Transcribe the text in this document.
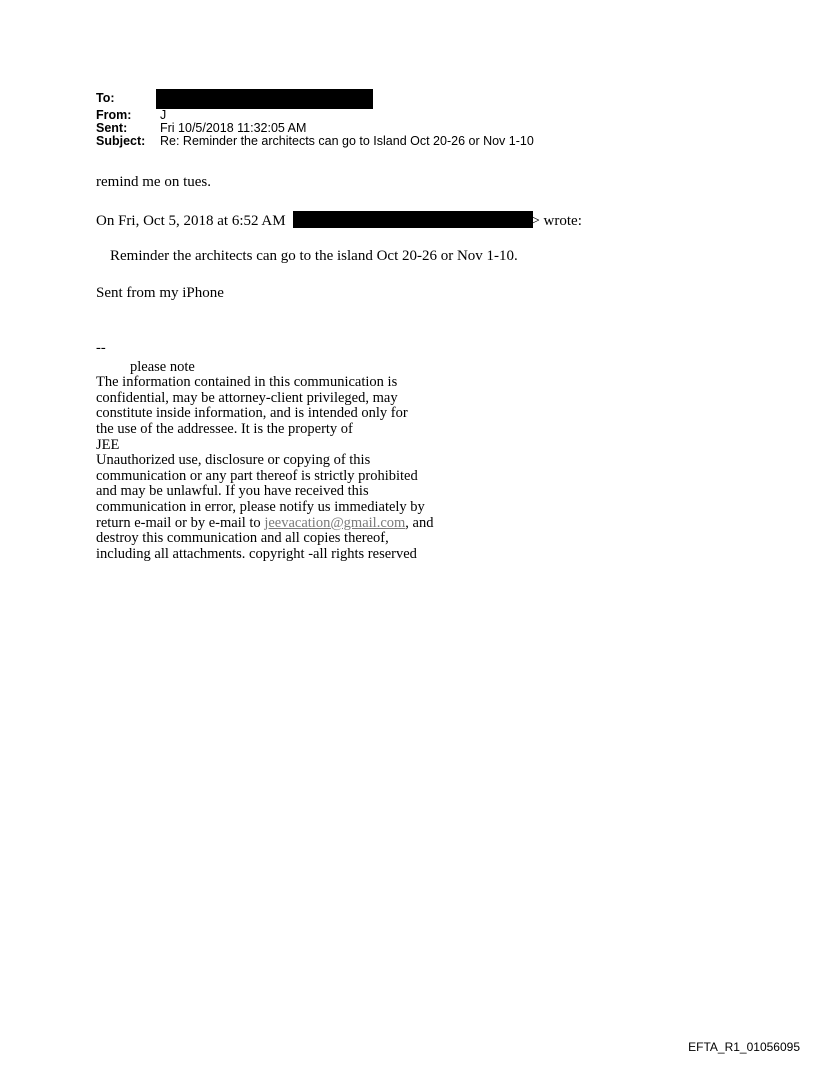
To:
From:	J
Sent:	Fri 10/5/2018 11:32:05 AM
Subject:	Re: Reminder the architects can go to Island Oct 20-26 or Nov 1-10
remind me on tues.
On Fri, Oct 5, 2018 at 6:52 AM	> wrote:
Reminder the architects can go to the island Oct 20-26 or Nov 1-10.
Sent from my iPhone
--
please note
The information contained in this communication is
confidential, may be attorney-client privileged, may
constitute inside information, and is intended only for
the use of the addressee. It is the property of
JEE
Unauthorized use, disclosure or copying of this
communication or any part thereof is strictly prohibited
and may be unlawful. If you have received this
communication in error, please notify us immediately by
return e-mail or by e-mail to jeevacation@gmail.com, and
destroy this communication and all copies thereof,
including all attachments. copyright -all rights reserved
EFTA_R1_01056095
